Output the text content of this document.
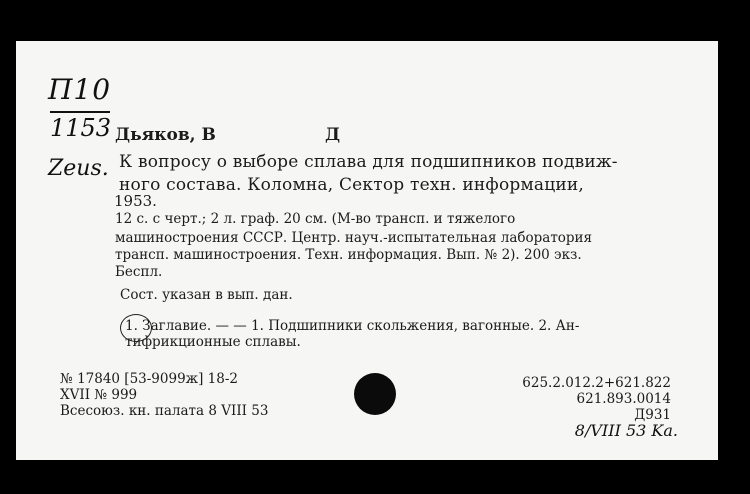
П10
1153
Zeus.
Дьяков, В	Д
К вопросу о выборе сплава для подшипников подвиж-
ного состава. Коломна, Сектор техн. информации,
1953.
12 с. с черт.; 2 л. граф. 20 см. (М-во трансп. и тяжелого
машиностроения СССР. Центр. науч.-испытательная лаборатория
трансп. машиностроения. Техн. информация. Вып. № 2). 200 экз.
Беспл.
Сост. указан в вып. дан.
1. Заглавие. — — 1. Подшипники скольжения, вагонные. 2. Ан-
тифрикционные сплавы.
№ 17840 [53-9099ж] 18-2
XVII № 999
Всесоюз. кн. палата 8 VIII 53
625.2.012.2+621.822
621.893.0014
Д931
8/VIII 53 Ka.
